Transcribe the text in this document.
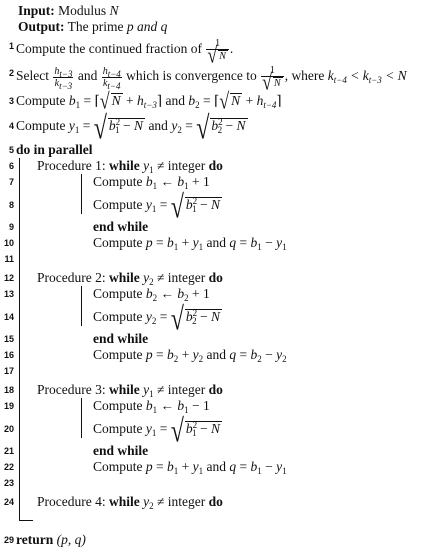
Input: Modulus N
Output: The prime p and q
1 Compute the continued fraction of $\frac{1}{√ N}$ .
2 Select $\frac{h_{t-3}}{k_{t-3}}$ and $\frac{h_{t-4}}{k_{t-4}}$ which is convergence to $\frac{1}{√ N}$ , where $k_{t-4} < k_{t-3} < N$
3 Compute $b_1$ = ⌈√ $N + h_{t-3}⌉$ and $b_2$ = ⌈√ $N + h_{t-4}⌉$
4 Compute $y_1$ = √ $b^2_1 - N$ and $y_2$ = √ $b^2_2 - N$
5 do in parallel
6 Procedure 1: while $y_1$ ≠ integer do
7	Compute $b_1$ ← $b_1 + 1$
8	Compute $y_1$ = √ $b^2_1 - N$
9	end while
10	Compute $p = b_1 + y_1$ and $q = b_1 - y_1$
11
12 Procedure 2: while $y_2$ ≠ integer do
13	Compute $b_2$ ← $b_2 + 1$
14	Compute $y_2$ = √ $b^2_2 - N$
15	end while
16	Compute $p = b_2 + y_2$ and $q = b_2 - y_2$
17
18 Procedure 3: while $y_1$ ≠ integer do
19	Compute $b_1$ ← $b_1 - 1$
20	Compute $y_1$ = √ $b^2_1 - N$
21	end while
22	Compute $p = b_1 + y_1$ and $q = b_1 - y_1$
23
24 Procedure 4: while $y_2$ ≠ integer do
29 return (p, q)
